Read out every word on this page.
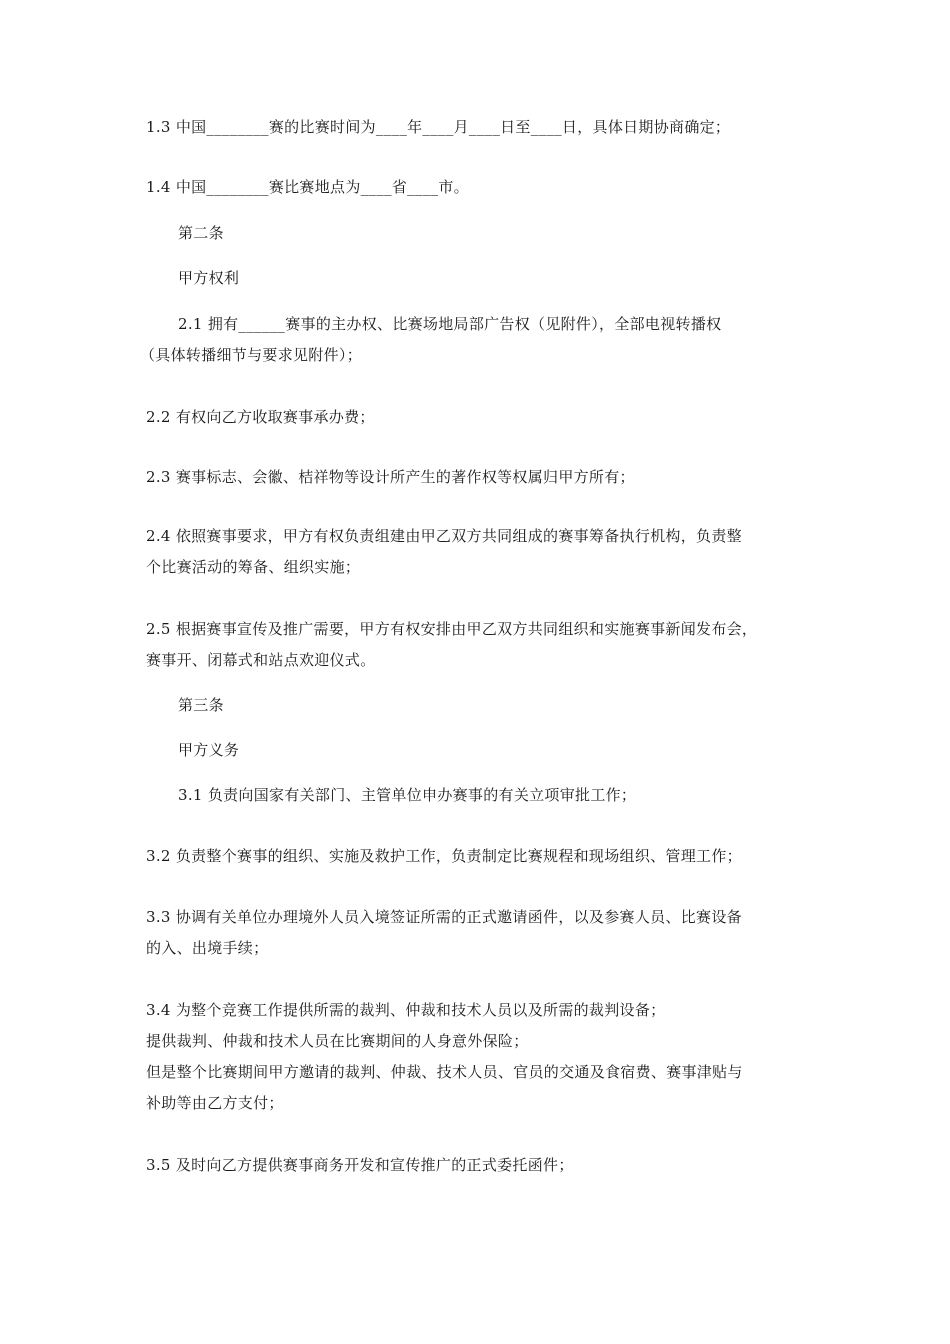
1.3 中国________赛的比赛时间为____年____月____日至____日，具体日期协商确定；
1.4 中国________赛比赛地点为____省____市。
第二条
甲方权利
2.1 拥有______赛事的主办权、比赛场地局部广告权（见附件），全部电视转播权
（具体转播细节与要求见附件）；
2.2 有权向乙方收取赛事承办费；
2.3 赛事标志、会徽、桔祥物等设计所产生的著作权等权属归甲方所有；
2.4 依照赛事要求，甲方有权负责组建由甲乙双方共同组成的赛事筹备执行机构，负责整
个比赛活动的筹备、组织实施；
2.5 根据赛事宣传及推广需要，甲方有权安排由甲乙双方共同组织和实施赛事新闻发布会，
赛事开、闭幕式和站点欢迎仪式。
第三条
甲方义务
3.1 负责向国家有关部门、主管单位申办赛事的有关立项审批工作；
3.2 负责整个赛事的组织、实施及救护工作，负责制定比赛规程和现场组织、管理工作；
3.3 协调有关单位办理境外人员入境签证所需的正式邀请函件，以及参赛人员、比赛设备
的入、出境手续；
3.4 为整个竞赛工作提供所需的裁判、仲裁和技术人员以及所需的裁判设备；
提供裁判、仲裁和技术人员在比赛期间的人身意外保险；
但是整个比赛期间甲方邀请的裁判、仲裁、技术人员、官员的交通及食宿费、赛事津贴与
补助等由乙方支付；
3.5 及时向乙方提供赛事商务开发和宣传推广的正式委托函件；
